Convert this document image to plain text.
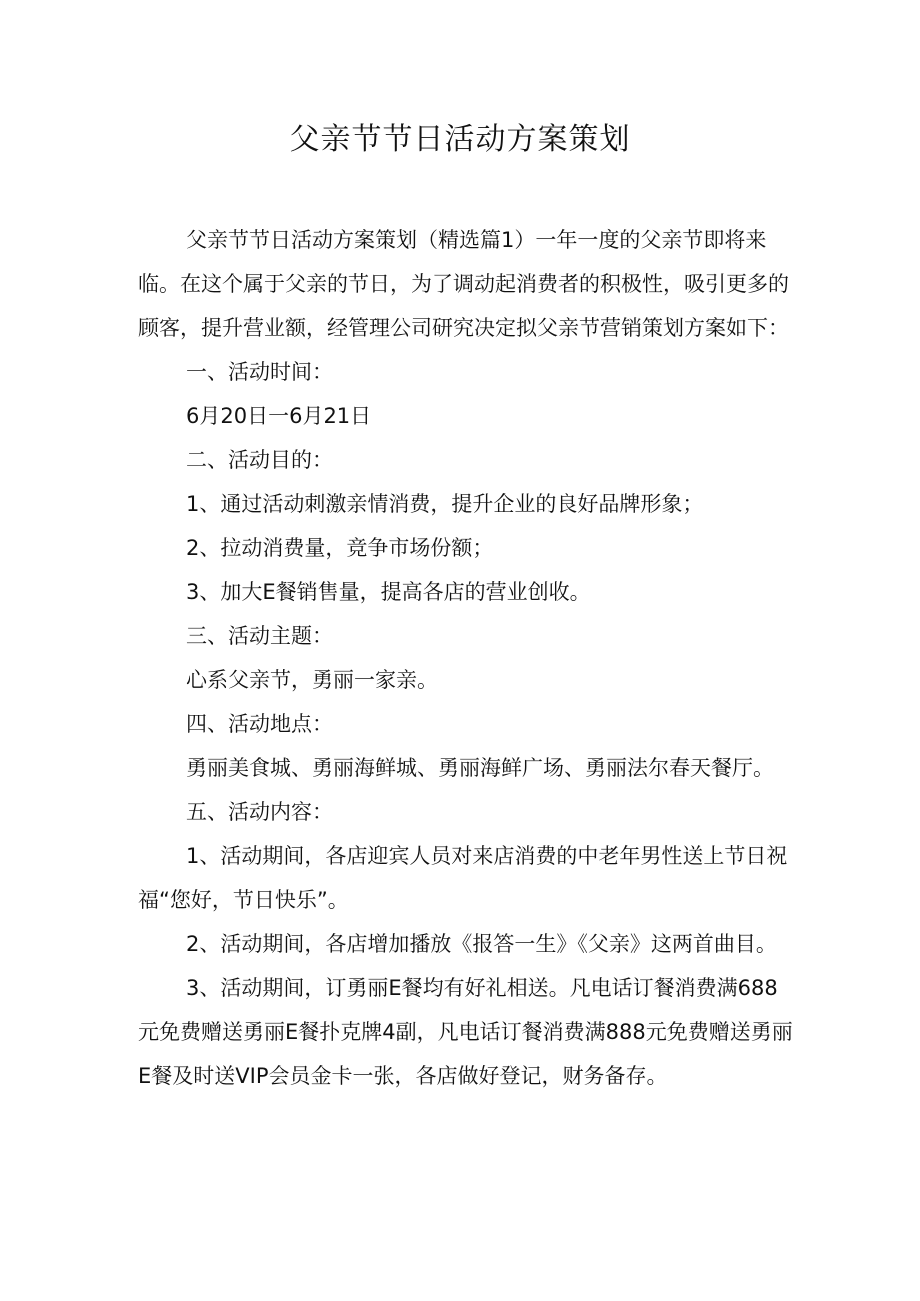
父亲节节日活动方案策划

父亲节节日活动方案策划（精选篇1）一年一度的父亲节即将来临。在这个属于父亲的节日，为了调动起消费者的积极性，吸引更多的顾客，提升营业额，经管理公司研究决定拟父亲节营销策划方案如下：

一、活动时间：

6月20日一6月21日

二、活动目的：

1、通过活动刺激亲情消费，提升企业的良好品牌形象；

2、拉动消费量，竞争市场份额；

3、加大E餐销售量，提高各店的营业创收。

三、活动主题：

心系父亲节，勇丽一家亲。

四、活动地点：

勇丽美食城、勇丽海鲜城、勇丽海鲜广场、勇丽法尔春天餐厅。

五、活动内容：

1、活动期间，各店迎宾人员对来店消费的中老年男性送上节日祝福“您好，节日快乐”。

2、活动期间，各店增加播放《报答一生》《父亲》这两首曲目。

3、活动期间，订勇丽E餐均有好礼相送。凡电话订餐消费满688元免费赠送勇丽E餐扑克牌4副，凡电话订餐消费满888元免费赠送勇丽E餐及时送VIP会员金卡一张，各店做好登记，财务备存。
